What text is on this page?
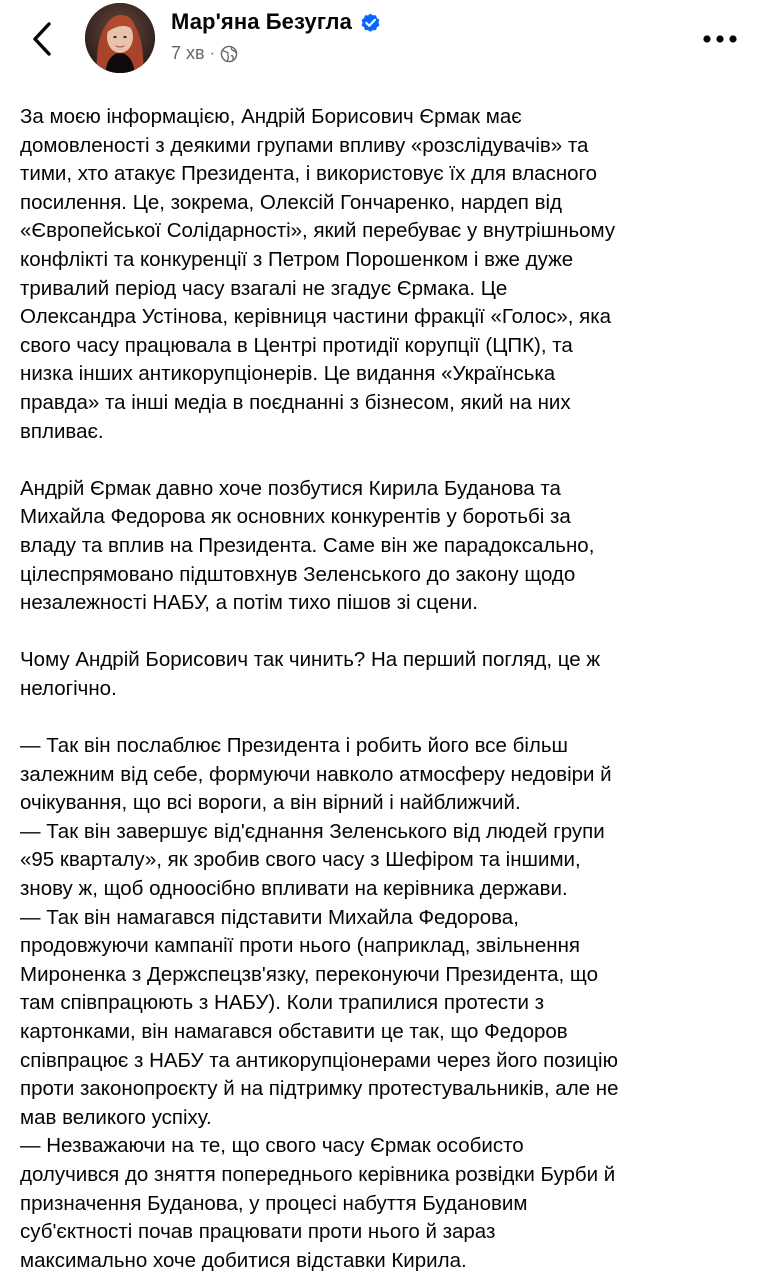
Мар'яна Безугла
7 хв ·

За моєю інформацією, Андрій Борисович Єрмак має
домовленості з деякими групами впливу «розслідувачів» та
тими, хто атакує Президента, і використовує їх для власного
посилення. Це, зокрема, Олексій Гончаренко, нардеп від
«Європейської Солідарності», який перебуває у внутрішньому
конфлікті та конкуренції з Петром Порошенком і вже дуже
тривалий період часу взагалі не згадує Єрмака. Це
Олександра Устінова, керівниця частини фракції «Голос», яка
свого часу працювала в Центрі протидії корупції (ЦПК), та
низка інших антикорупціонерів. Це видання «Українська
правда» та інші медіа в поєднанні з бізнесом, який на них
впливає.

Андрій Єрмак давно хоче позбутися Кирила Буданова та
Михайла Федорова як основних конкурентів у боротьбі за
владу та вплив на Президента. Саме він же парадоксально,
цілеспрямовано підштовхнув Зеленського до закону щодо
незалежності НАБУ, а потім тихо пішов зі сцени.

Чому Андрій Борисович так чинить? На перший погляд, це ж
нелогічно.

— Так він послаблює Президента і робить його все більш
залежним від себе, формуючи навколо атмосферу недовіри й
очікування, що всі вороги, а він вірний і найближчий.
— Так він завершує від'єднання Зеленського від людей групи
«95 кварталу», як зробив свого часу з Шефіром та іншими,
знову ж, щоб одноосібно впливати на керівника держави.
— Так він намагався підставити Михайла Федорова,
продовжуючи кампанії проти нього (наприклад, звільнення
Мироненка з Держспецзв'язку, переконуючи Президента, що
там співпрацюють з НАБУ). Коли трапилися протести з
картонками, він намагався обставити це так, що Федоров
співпрацює з НАБУ та антикорупціонерами через його позицію
проти законопроєкту й на підтримку протестувальників, але не
мав великого успіху.
— Незважаючи на те, що свого часу Єрмак особисто
долучився до зняття попереднього керівника розвідки Бурби й
призначення Буданова, у процесі набуття Будановим
суб'єктності почав працювати проти нього й зараз
максимально хоче добитися відставки Кирила.
